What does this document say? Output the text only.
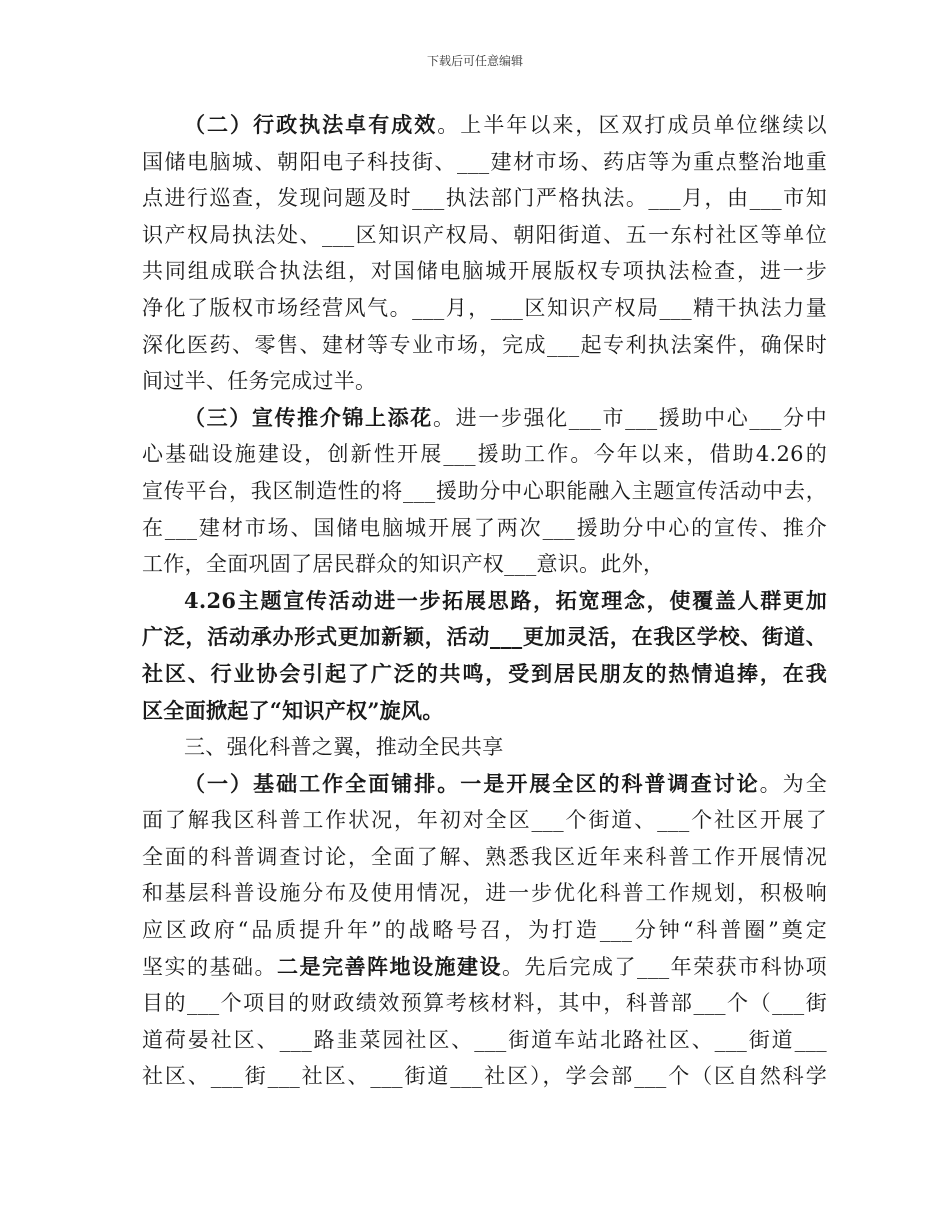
下载后可任意编辑
（二）行政执法卓有成效。上半年以来，区双打成员单位继续以
国储电脑城、朝阳电子科技街、___建材市场、药店等为重点整治地重
点进行巡查，发现问题及时___执法部门严格执法。___月，由___市知
识产权局执法处、___区知识产权局、朝阳街道、五一东村社区等单位
共同组成联合执法组，对国储电脑城开展版权专项执法检查，进一步
净化了版权市场经营风气。___月，___区知识产权局___精干执法力量
深化医药、零售、建材等专业市场，完成___起专利执法案件，确保时
间过半、任务完成过半。
（三）宣传推介锦上添花。进一步强化___市___援助中心___分中
心基础设施建设，创新性开展___援助工作。今年以来，借助4.26的
宣传平台，我区制造性的将___援助分中心职能融入主题宣传活动中去，
在___建材市场、国储电脑城开展了两次___援助分中心的宣传、推介
工作，全面巩固了居民群众的知识产权___意识。此外，
4.26主题宣传活动进一步拓展思路，拓宽理念，使覆盖人群更加
广泛，活动承办形式更加新颖，活动___更加灵活，在我区学校、街道、
社区、行业协会引起了广泛的共鸣，受到居民朋友的热情追捧，在我
区全面掀起了“知识产权”旋风。
三、强化科普之翼，推动全民共享
（一）基础工作全面铺排。一是开展全区的科普调查讨论。为全
面了解我区科普工作状况，年初对全区___个街道、___个社区开展了
全面的科普调查讨论，全面了解、熟悉我区近年来科普工作开展情况
和基层科普设施分布及使用情况，进一步优化科普工作规划，积极响
应区政府“品质提升年”的战略号召，为打造___分钟“科普圈”奠定
坚实的基础。二是完善阵地设施建设。先后完成了___年荣获市科协项
目的___个项目的财政绩效预算考核材料，其中，科普部___个（___街
道荷晏社区、___路韭菜园社区、___街道车站北路社区、___街道___
社区、___街___社区、___街道___社区），学会部___个（区自然科学
